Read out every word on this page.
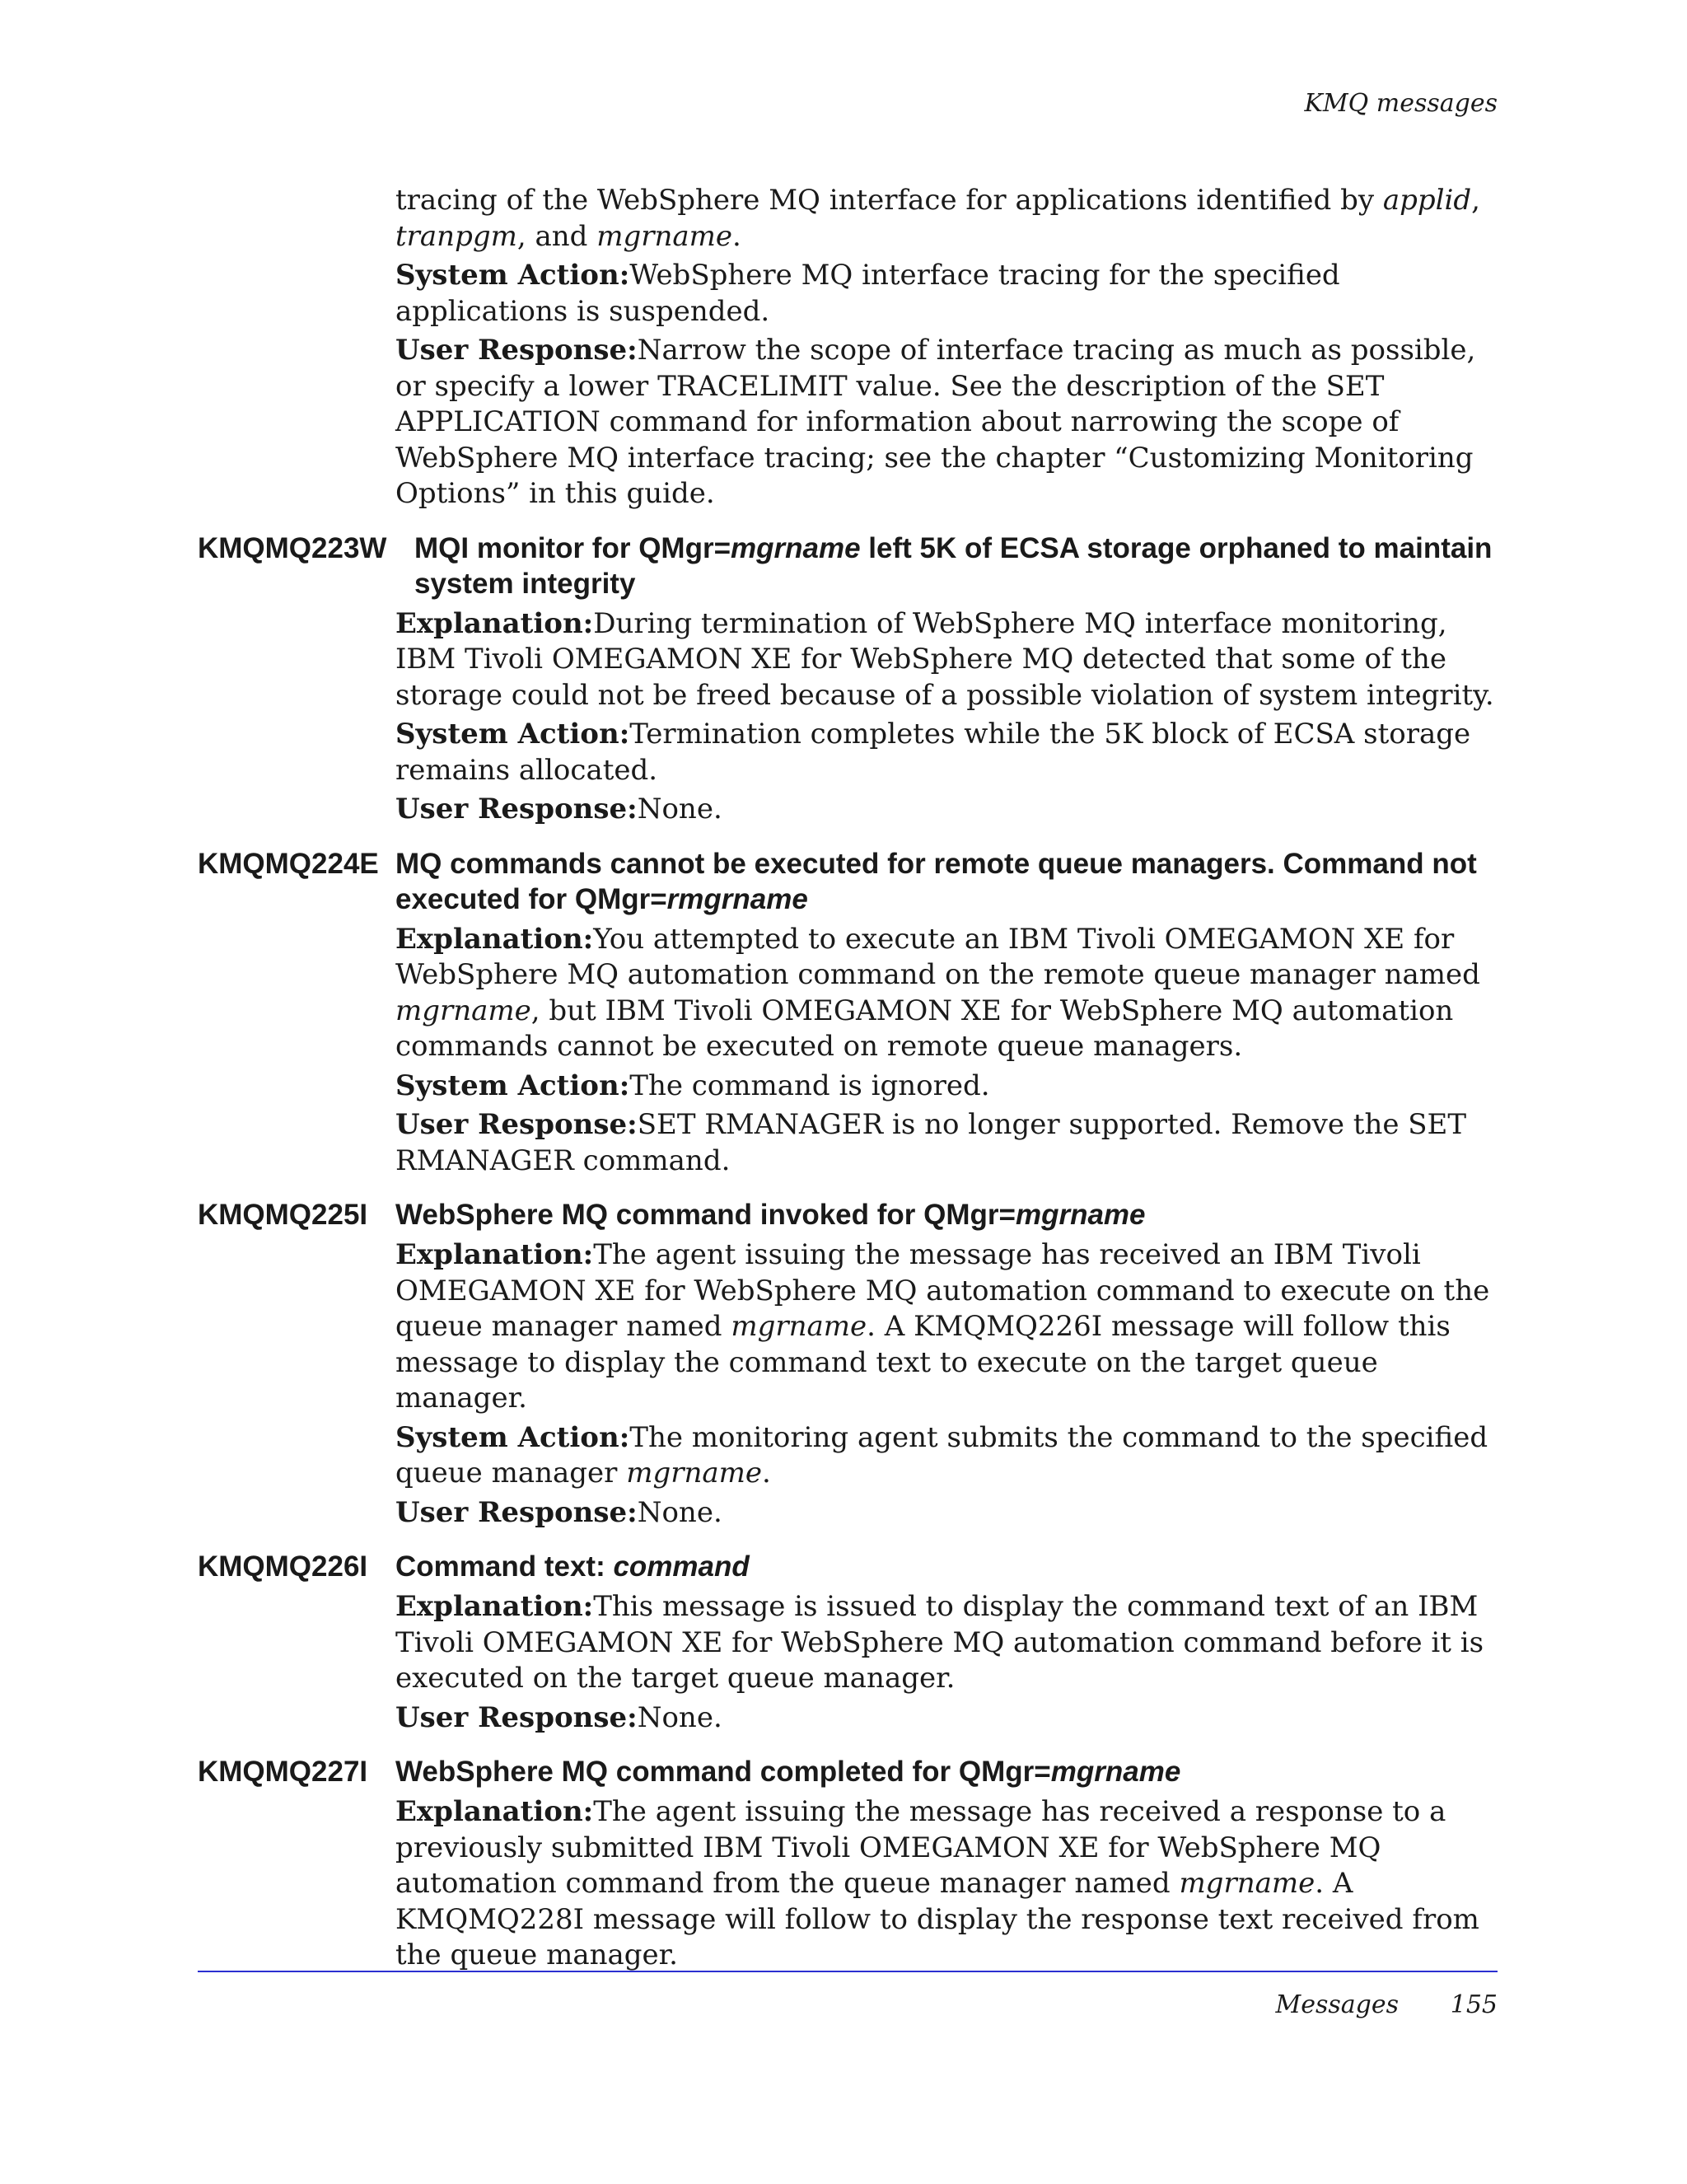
KMQ messages

tracing of the WebSphere MQ interface for applications identified by applid, tranpgm, and mgrname.

System Action:WebSphere MQ interface tracing for the specified applications is suspended.

User Response:Narrow the scope of interface tracing as much as possible, or specify a lower TRACELIMIT value. See the description of the SET APPLICATION command for information about narrowing the scope of WebSphere MQ interface tracing; see the chapter “Customizing Monitoring Options” in this guide.

KMQMQ223W MQI monitor for QMgr=mgrname left 5K of ECSA storage orphaned to maintain system integrity

Explanation:During termination of WebSphere MQ interface monitoring, IBM Tivoli OMEGAMON XE for WebSphere MQ detected that some of the storage could not be freed because of a possible violation of system integrity.

System Action:Termination completes while the 5K block of ECSA storage remains allocated.

User Response:None.

KMQMQ224E MQ commands cannot be executed for remote queue managers. Command not executed for QMgr=rmgrname

Explanation:You attempted to execute an IBM Tivoli OMEGAMON XE for WebSphere MQ automation command on the remote queue manager named mgrname, but IBM Tivoli OMEGAMON XE for WebSphere MQ automation commands cannot be executed on remote queue managers.

System Action:The command is ignored.

User Response:SET RMANAGER is no longer supported. Remove the SET RMANAGER command.

KMQMQ225I WebSphere MQ command invoked for QMgr=mgrname

Explanation:The agent issuing the message has received an IBM Tivoli OMEGAMON XE for WebSphere MQ automation command to execute on the queue manager named mgrname. A KMQMQ226I message will follow this message to display the command text to execute on the target queue manager.

System Action:The monitoring agent submits the command to the specified queue manager mgrname.

User Response:None.

KMQMQ226I Command text: command

Explanation:This message is issued to display the command text of an IBM Tivoli OMEGAMON XE for WebSphere MQ automation command before it is executed on the target queue manager.

User Response:None.

KMQMQ227I WebSphere MQ command completed for QMgr=mgrname

Explanation:The agent issuing the message has received a response to a previously submitted IBM Tivoli OMEGAMON XE for WebSphere MQ automation command from the queue manager named mgrname. A KMQMQ228I message will follow to display the response text received from the queue manager.

Messages 155
